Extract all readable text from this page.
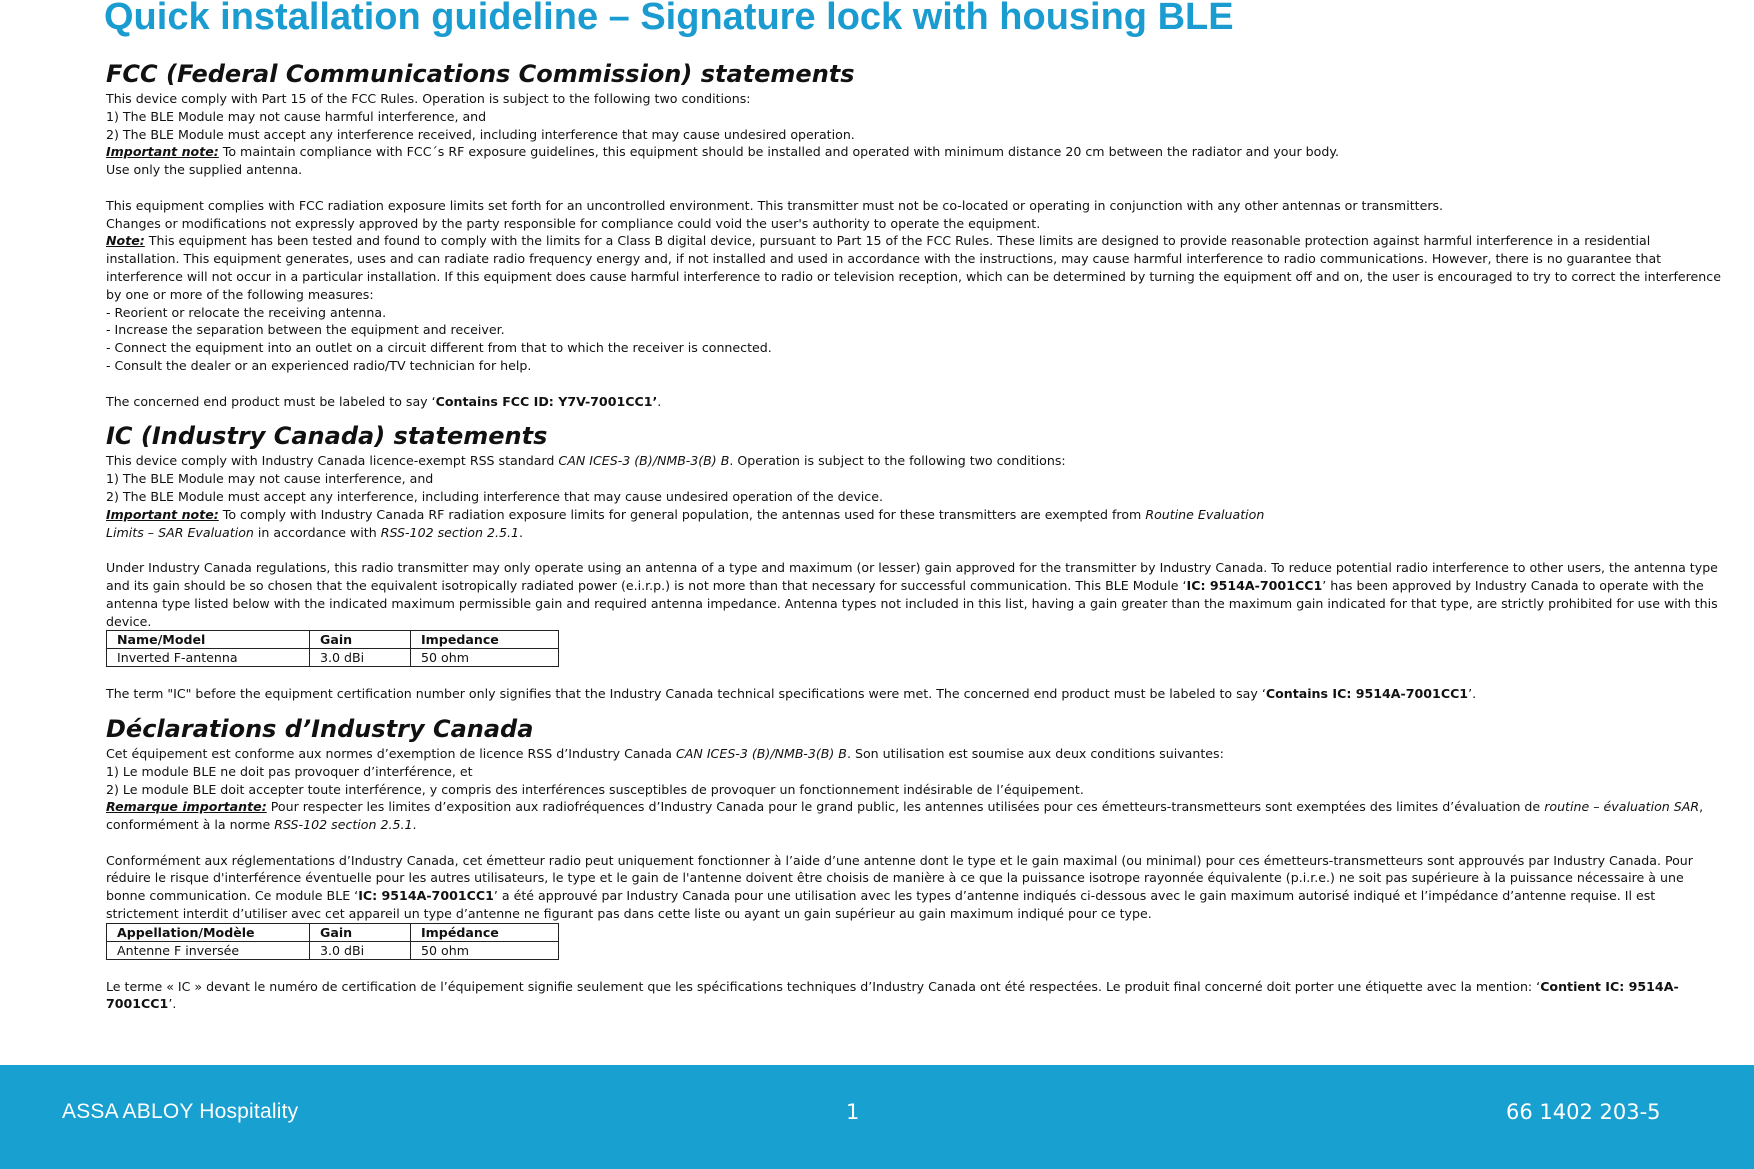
Quick installation guideline – Signature lock with housing BLE
FCC (Federal Communications Commission) statements

This device comply with Part 15 of the FCC Rules. Operation is subject to the following two conditions:

1) The BLE Module may not cause harmful interference, and

2) The BLE Module must accept any interference received, including interference that may cause undesired operation.

Important note: To maintain compliance with FCC´s RF exposure guidelines, this equipment should be installed and operated with minimum distance 20 cm between the radiator and your body.

Use only the supplied antenna.

This equipment complies with FCC radiation exposure limits set forth for an uncontrolled environment. This transmitter must not be co-located or operating in conjunction with any other antennas or transmitters.

Changes or modifications not expressly approved by the party responsible for compliance could void the user's authority to operate the equipment.

Note: This equipment has been tested and found to comply with the limits for a Class B digital device, pursuant to Part 15 of the FCC Rules. These limits are designed to provide reasonable protection against harmful interference in a residential installation. This equipment generates, uses and can radiate radio frequency energy and, if not installed and used in accordance with the instructions, may cause harmful interference to radio communications. However, there is no guarantee that interference will not occur in a particular installation. If this equipment does cause harmful interference to radio or television reception, which can be determined by turning the equipment off and on, the user is encouraged to try to correct the interference by one or more of the following measures:

- Reorient or relocate the receiving antenna.

- Increase the separation between the equipment and receiver.

- Connect the equipment into an outlet on a circuit different from that to which the receiver is connected.

- Consult the dealer or an experienced radio/TV technician for help.

The concerned end product must be labeled to say ‘Contains FCC ID: Y7V-7001CC1’.

IC (Industry Canada) statements

This device comply with Industry Canada licence-exempt RSS standard CAN ICES-3 (B)/NMB-3(B) B. Operation is subject to the following two conditions:

1) The BLE Module may not cause interference, and

2) The BLE Module must accept any interference, including interference that may cause undesired operation of the device.

Important note: To comply with Industry Canada RF radiation exposure limits for general population, the antennas used for these transmitters are exempted from Routine Evaluation
Limits – SAR Evaluation in accordance with RSS-102 section 2.5.1.

Under Industry Canada regulations, this radio transmitter may only operate using an antenna of a type and maximum (or lesser) gain approved for the transmitter by Industry Canada. To reduce potential radio interference to other users, the antenna type and its gain should be so chosen that the equivalent isotropically radiated power (e.i.r.p.) is not more than that necessary for successful communication. This BLE Module ‘IC: 9514A-7001CC1’ has been approved by Industry Canada to operate with the antenna type listed below with the indicated maximum permissible gain and required antenna impedance. Antenna types not included in this list, having a gain greater than the maximum gain indicated for that type, are strictly prohibited for use with this device.

Name/Model	Gain	Impedance
Inverted F-antenna	3.0 dBi	50 ohm

The term "IC" before the equipment certification number only signifies that the Industry Canada technical specifications were met. The concerned end product must be labeled to say ‘Contains IC: 9514A-7001CC1’.

Déclarations d’Industry Canada

Cet équipement est conforme aux normes d’exemption de licence RSS d’Industry Canada CAN ICES-3 (B)/NMB-3(B) B. Son utilisation est soumise aux deux conditions suivantes:

1) Le module BLE ne doit pas provoquer d’interférence, et

2) Le module BLE doit accepter toute interférence, y compris des interférences susceptibles de provoquer un fonctionnement indésirable de l’équipement.

Remarque importante: Pour respecter les limites d’exposition aux radiofréquences d’Industry Canada pour le grand public, les antennes utilisées pour ces émetteurs-transmetteurs sont exemptées des limites d’évaluation de routine – évaluation SAR, conformément à la norme RSS-102 section 2.5.1.

Conformément aux réglementations d’Industry Canada, cet émetteur radio peut uniquement fonctionner à l’aide d’une antenne dont le type et le gain maximal (ou minimal) pour ces émetteurs-transmetteurs sont approuvés par Industry Canada. Pour réduire le risque d'interférence éventuelle pour les autres utilisateurs, le type et le gain de l'antenne doivent être choisis de manière à ce que la puissance isotrope rayonnée équivalente (p.i.r.e.) ne soit pas supérieure à la puissance nécessaire à une bonne communication. Ce module BLE ‘IC: 9514A-7001CC1’ a été approuvé par Industry Canada pour une utilisation avec les types d’antenne indiqués ci-dessous avec le gain maximum autorisé indiqué et l’impédance d’antenne requise. Il est strictement interdit d’utiliser avec cet appareil un type d’antenne ne figurant pas dans cette liste ou ayant un gain supérieur au gain maximum indiqué pour ce type.

Appellation/Modèle	Gain	Impédance
Antenne F inversée	3.0 dBi	50 ohm

Le terme « IC » devant le numéro de certification de l’équipement signifie seulement que les spécifications techniques d’Industry Canada ont été respectées. Le produit final concerné doit porter une étiquette avec la mention: ‘Contient IC: 9514A-7001CC1’.

ASSA ABLOY Hospitality	1	66 1402 203-5
